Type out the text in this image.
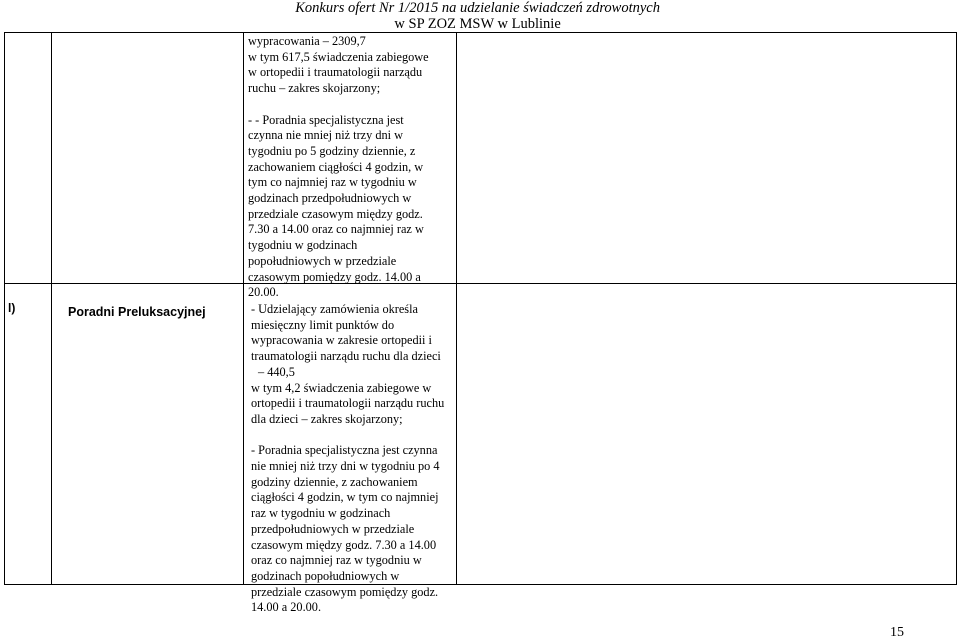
Konkurs ofert Nr 1/2015 na udzielanie świadczeń zdrowotnych
w SP ZOZ MSW w Lublinie
wypracowania – 2309,7
w tym 617,5 świadczenia zabiegowe
w ortopedii i traumatologii narządu
ruchu – zakres skojarzony;
- - Poradnia specjalistyczna jest
czynna nie mniej niż trzy dni w
tygodniu po 5 godziny dziennie, z
zachowaniem ciągłości 4 godzin, w
tym co najmniej raz w tygodniu w
godzinach przedpołudniowych w
przedziale czasowym między godz.
7.30 a 14.00 oraz co najmniej raz w
tygodniu w godzinach
popołudniowych w przedziale
czasowym pomiędzy godz. 14.00 a
20.00.
l)	Poradni Preluksacyjnej	- Udzielający zamówienia określa
miesięczny limit punktów do
wypracowania w zakresie ortopedii i
traumatologii narządu ruchu dla dzieci
– 440,5
w tym 4,2 świadczenia zabiegowe w
ortopedii i traumatologii narządu ruchu
dla dzieci – zakres skojarzony;
- Poradnia specjalistyczna jest czynna
nie mniej niż trzy dni w tygodniu po 4
godziny dziennie, z zachowaniem
ciągłości 4 godzin, w tym co najmniej
raz w tygodniu w godzinach
przedpołudniowych w przedziale
czasowym między godz. 7.30 a 14.00
oraz co najmniej raz w tygodniu w
godzinach popołudniowych w
przedziale czasowym pomiędzy godz.
14.00 a 20.00.
15
